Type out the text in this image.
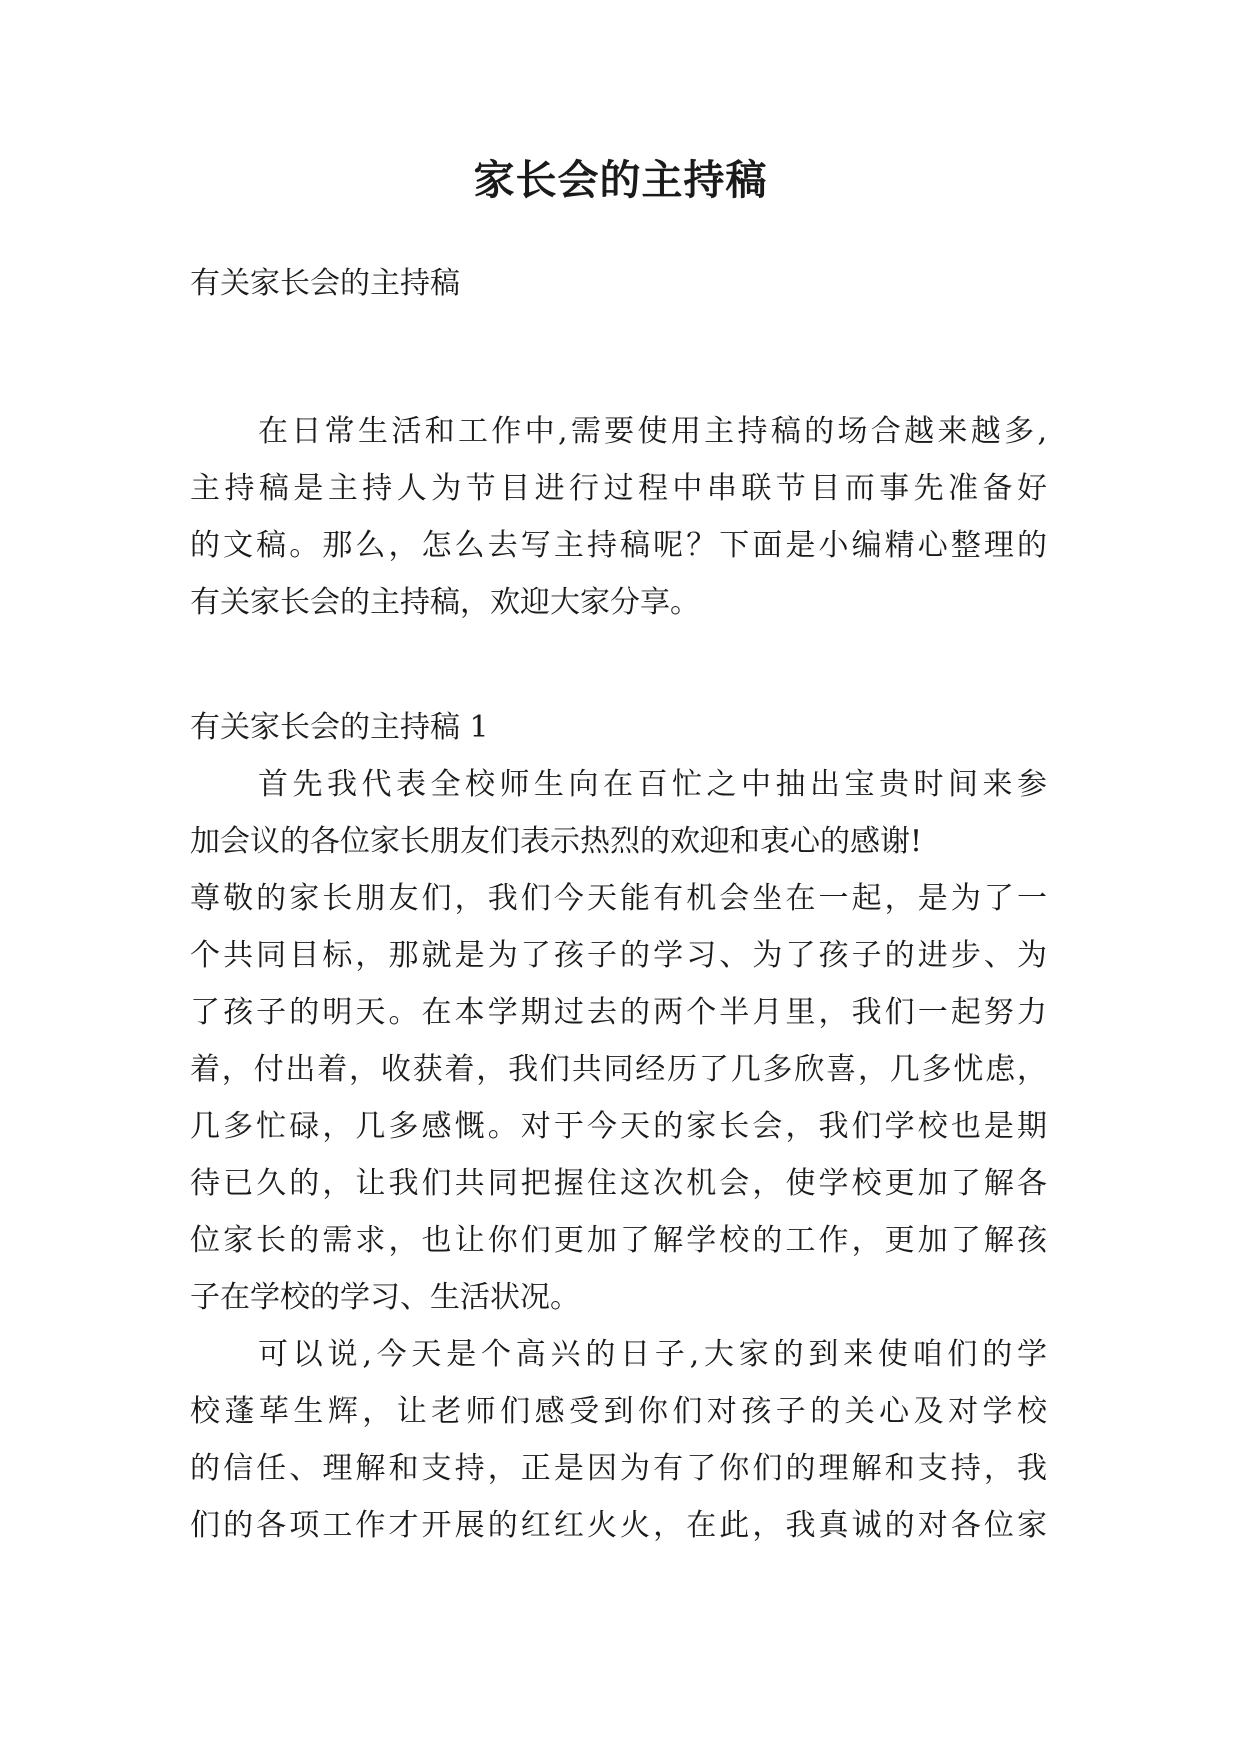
家长会的主持稿

有关家长会的主持稿

在日常生活和工作中,需要使用主持稿的场合越来越多,

主持稿是主持人为节目进行过程中串联节目而事先准备好

的文稿。那么，怎么去写主持稿呢？下面是小编精心整理的

有关家长会的主持稿，欢迎大家分享。

有关家长会的主持稿 1

首先我代表全校师生向在百忙之中抽出宝贵时间来参

加会议的各位家长朋友们表示热烈的欢迎和衷心的感谢!

尊敬的家长朋友们，我们今天能有机会坐在一起，是为了一

个共同目标，那就是为了孩子的学习、为了孩子的进步、为

了孩子的明天。在本学期过去的两个半月里，我们一起努力

着，付出着，收获着，我们共同经历了几多欣喜，几多忧虑，

几多忙碌，几多感慨。对于今天的家长会，我们学校也是期

待已久的，让我们共同把握住这次机会，使学校更加了解各

位家长的需求，也让你们更加了解学校的工作，更加了解孩

子在学校的学习、生活状况。

可以说,今天是个高兴的日子,大家的到来使咱们的学

校蓬荜生辉，让老师们感受到你们对孩子的关心及对学校

的信任、理解和支持，正是因为有了你们的理解和支持，我

们的各项工作才开展的红红火火，在此，我真诚的对各位家
